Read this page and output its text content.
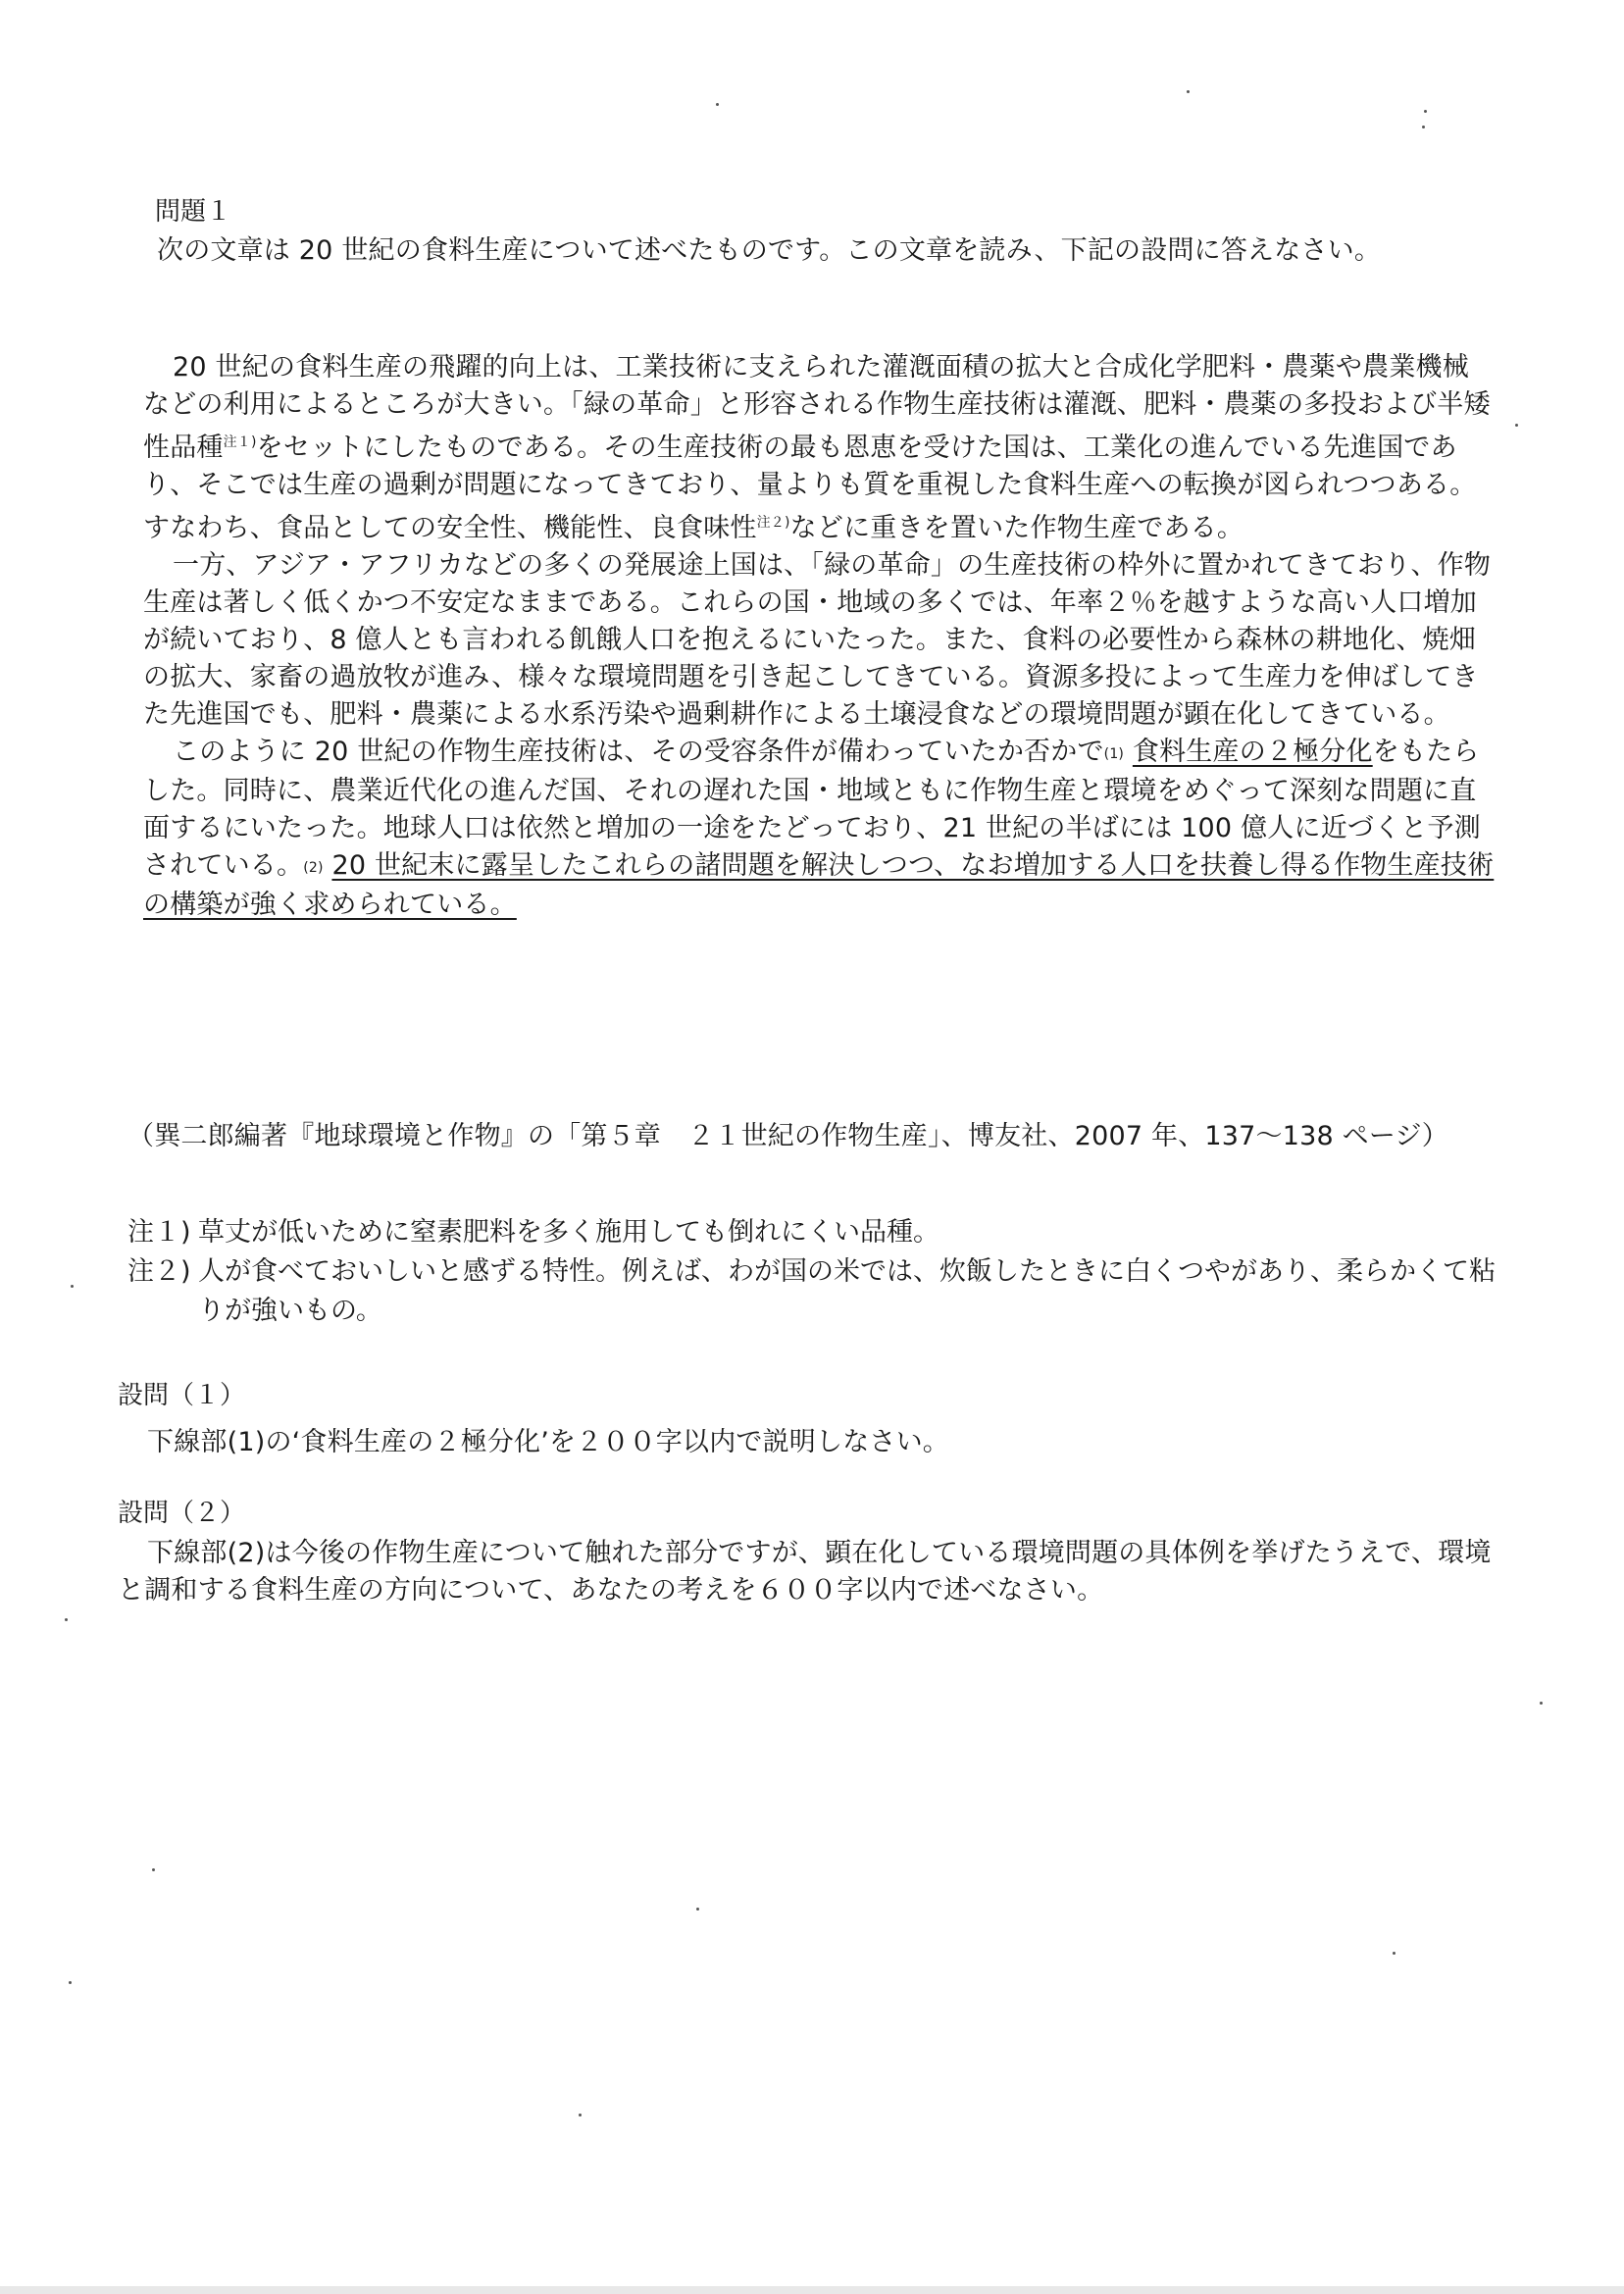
問題１
次の文章は 20 世紀の食料生産について述べたものです。この文章を読み、下記の設問に答えなさい。

20 世紀の食料生産の飛躍的向上は、工業技術に支えられた灌漑面積の拡大と合成化学肥料・農薬や農業機械などの利用によるところが大きい。「緑の革命」と形容される作物生産技術は灌漑、肥料・農薬の多投および半矮性品種$^{注1)}$をセットにしたものである。その生産技術の最も恩恵を受けた国は、工業化の進んでいる先進国であり、そこでは生産の過剰が問題になってきており、量よりも質を重視した食料生産への転換が図られつつある。すなわち、食品としての安全性、機能性、良食味性$^{注2)}$などに重きを置いた作物生産である。

一方、アジア・アフリカなどの多くの発展途上国は、「緑の革命」の生産技術の枠外に置かれてきており、作物生産は著しく低くかつ不安定なままである。これらの国・地域の多くでは、年率２％を越すような高い人口増加が続いており、8 億人とも言われる飢餓人口を抱えるにいたった。また、食料の必要性から森林の耕地化、焼畑の拡大、家畜の過放牧が進み、様々な環境問題を引き起こしてきている。資源多投によって生産力を伸ばしてきた先進国でも、肥料・農薬による水系汚染や過剰耕作による土壌浸食などの環境問題が顕在化してきている。

このように 20 世紀の作物生産技術は、その受容条件が備わっていたか否かで(1) 食料生産の２極分化をもたらした。同時に、農業近代化の進んだ国、それの遅れた国・地域ともに作物生産と環境をめぐって深刻な問題に直面するにいたった。地球人口は依然と増加の一途をたどっており、21 世紀の半ばには 100 億人に近づくと予測されている。(2) 20 世紀末に露呈したこれらの諸問題を解決しつつ、なお増加する人口を扶養し得る作物生産技術の構築が強く求められている。

（巽二郎編著『地球環境と作物』の「第５章　２１世紀の作物生産」、博友社、2007 年、137～138 ページ）
注１) 草丈が低いために窒素肥料を多く施用しても倒れにくい品種。
注２) 人が食べておいしいと感ずる特性。例えば、わが国の米では、炊飯したときに白くつやがあり、柔らかくて粘りが強いもの。
設問（１）
下線部(1)の‘食料生産の２極分化’を２００字以内で説明しなさい。
設問（２）
下線部(2)は今後の作物生産について触れた部分ですが、顕在化している環境問題の具体例を挙げたうえで、環境と調和する食料生産の方向について、あなたの考えを６００字以内で述べなさい。
